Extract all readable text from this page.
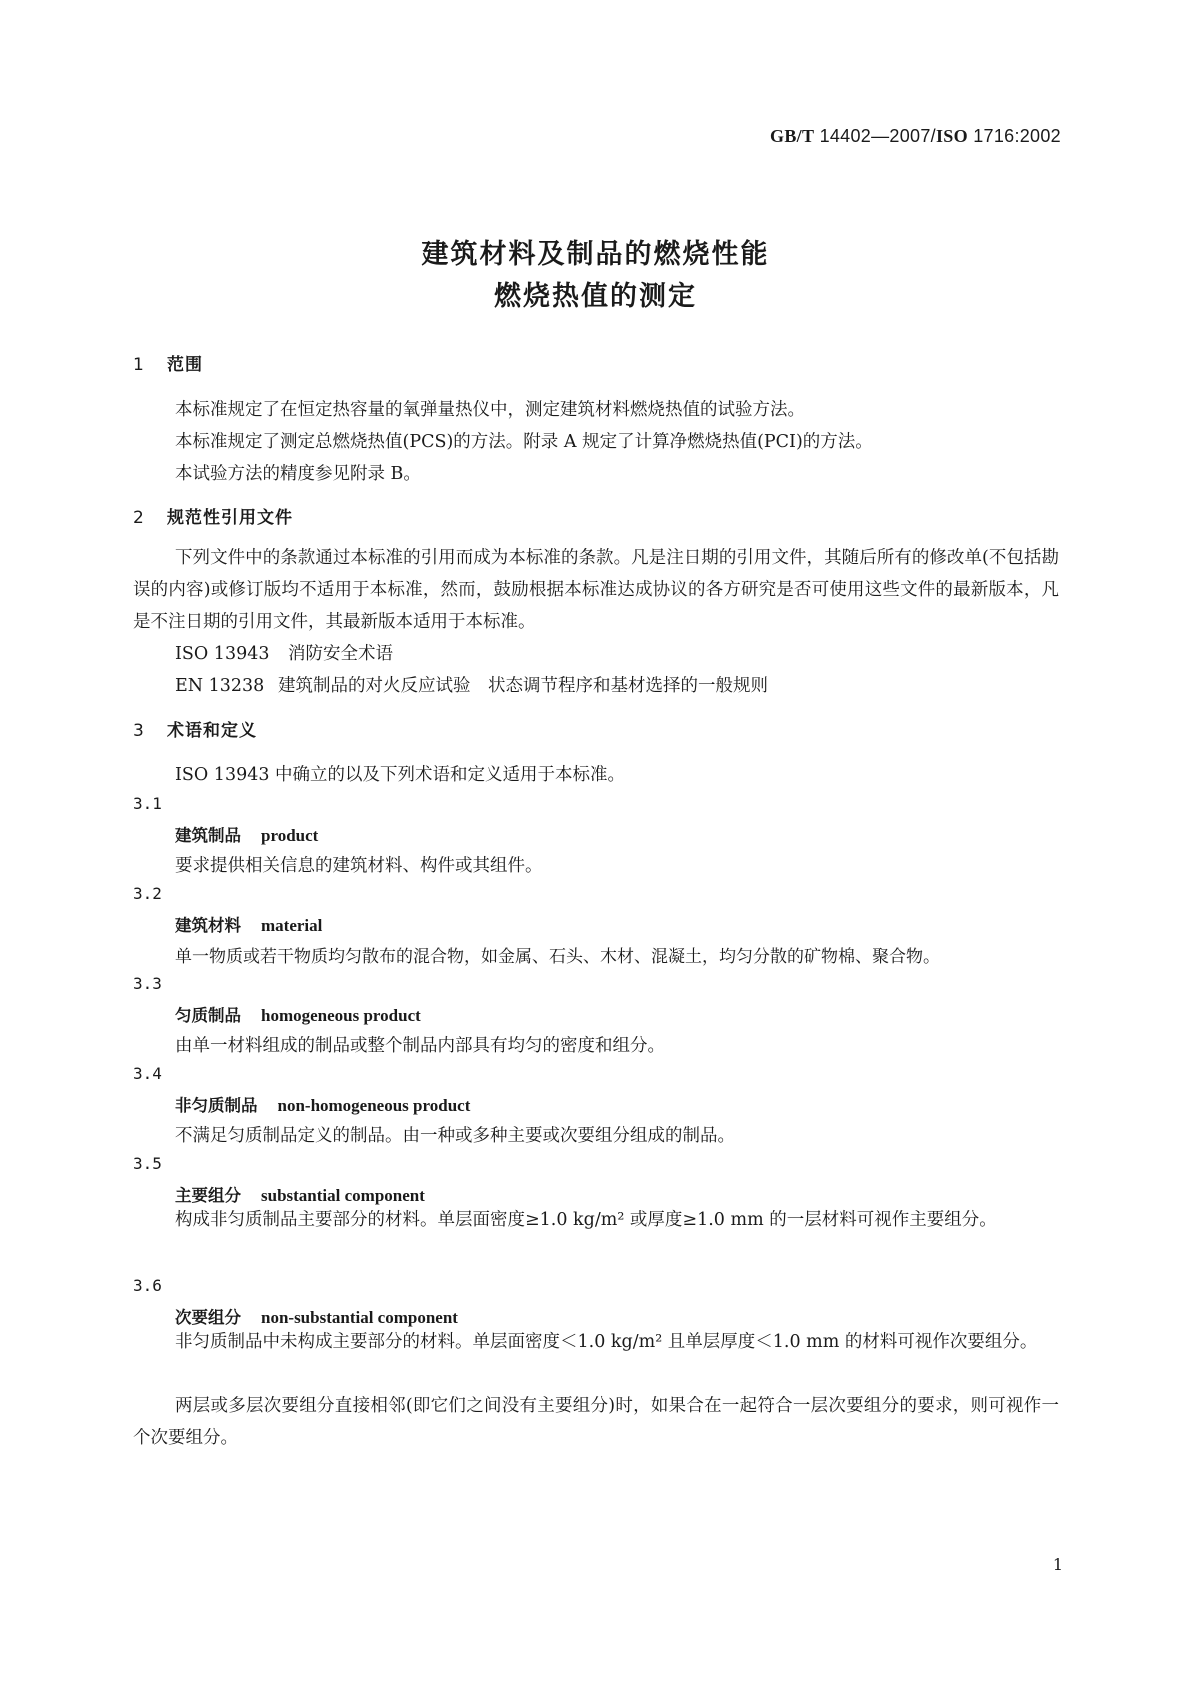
GB/T 14402—2007/ISO 1716:2002
建筑材料及制品的燃烧性能
燃烧热值的测定
1 范围
本标准规定了在恒定热容量的氧弹量热仪中，测定建筑材料燃烧热值的试验方法。
本标准规定了测定总燃烧热值(PCS)的方法。附录 A 规定了计算净燃烧热值(PCI)的方法。
本试验方法的精度参见附录 B。
2 规范性引用文件
下列文件中的条款通过本标准的引用而成为本标准的条款。凡是注日期的引用文件，其随后所有的修改单(不包括勘误的内容)或修订版均不适用于本标准，然而，鼓励根据本标准达成协议的各方研究是否可使用这些文件的最新版本，凡是不注日期的引用文件，其最新版本适用于本标准。
ISO 13943 消防安全术语
EN 13238 建筑制品的对火反应试验　状态调节程序和基材选择的一般规则
3 术语和定义
ISO 13943 中确立的以及下列术语和定义适用于本标准。
3.1
建筑制品 product
要求提供相关信息的建筑材料、构件或其组件。
3.2
建筑材料 material
单一物质或若干物质均匀散布的混合物，如金属、石头、木材、混凝土，均匀分散的矿物棉、聚合物。
3.3
匀质制品 homogeneous product
由单一材料组成的制品或整个制品内部具有均匀的密度和组分。
3.4
非匀质制品 non-homogeneous product
不满足匀质制品定义的制品。由一种或多种主要或次要组分组成的制品。
3.5
主要组分 substantial component
构成非匀质制品主要部分的材料。单层面密度≥1.0 kg/m² 或厚度≥1.0 mm 的一层材料可视作主要组分。
3.6
次要组分 non-substantial component
非匀质制品中未构成主要部分的材料。单层面密度＜1.0 kg/m² 且单层厚度＜1.0 mm 的材料可视作次要组分。
两层或多层次要组分直接相邻(即它们之间没有主要组分)时，如果合在一起符合一层次要组分的要求，则可视作一个次要组分。
1
